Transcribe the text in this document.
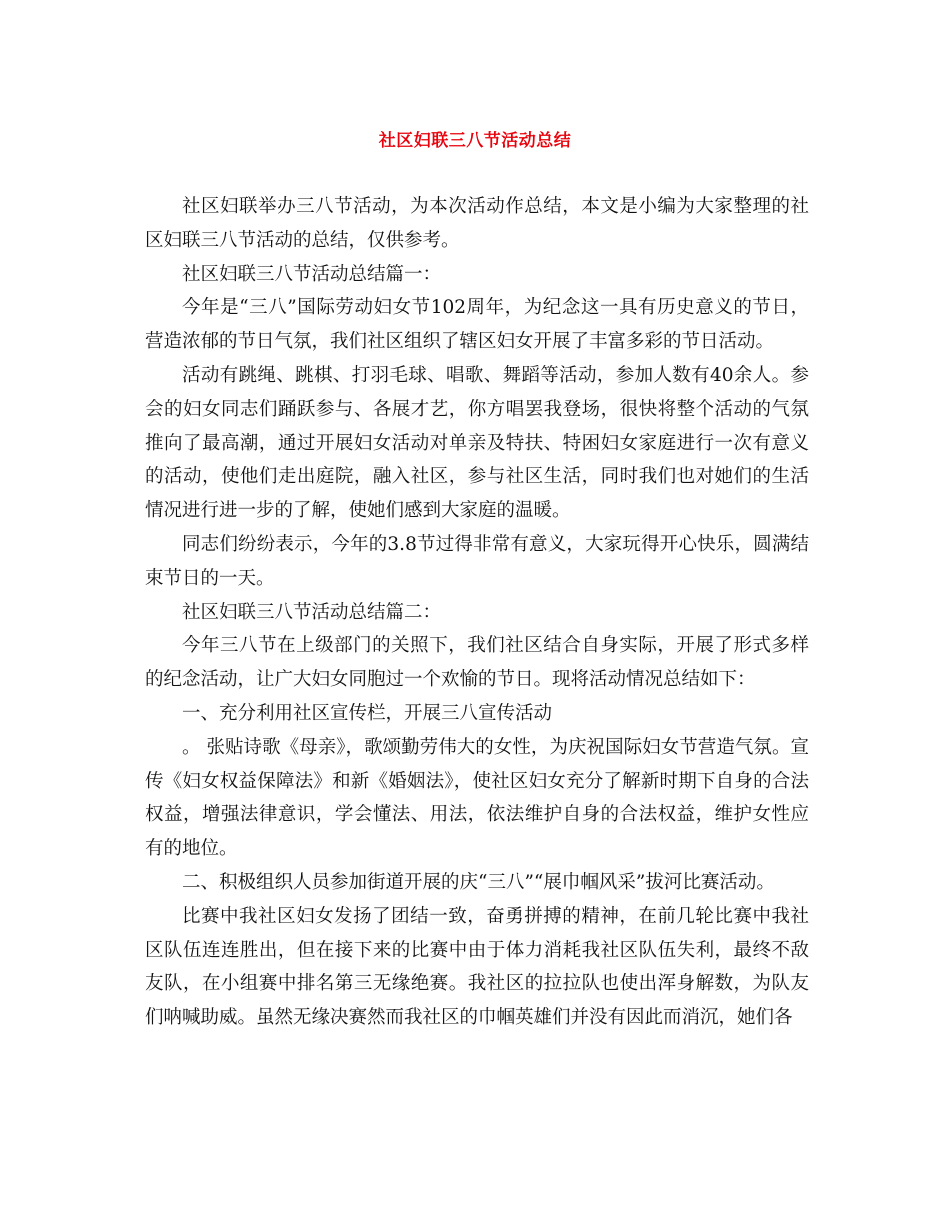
社区妇联三八节活动总结

社区妇联举办三八节活动，为本次活动作总结，本文是小编为大家整理的社区妇联三八节活动的总结，仅供参考。

社区妇联三八节活动总结篇一：

今年是“三八”国际劳动妇女节102周年，为纪念这一具有历史意义的节日，营造浓郁的节日气氛，我们社区组织了辖区妇女开展了丰富多彩的节日活动。

活动有跳绳、跳棋、打羽毛球、唱歌、舞蹈等活动，参加人数有40余人。参会的妇女同志们踊跃参与、各展才艺，你方唱罢我登场，很快将整个活动的气氛推向了最高潮，通过开展妇女活动对单亲及特扶、特困妇女家庭进行一次有意义的活动，使他们走出庭院，融入社区，参与社区生活，同时我们也对她们的生活情况进行进一步的了解，使她们感到大家庭的温暖。

同志们纷纷表示，今年的3.8节过得非常有意义，大家玩得开心快乐，圆满结束节日的一天。

社区妇联三八节活动总结篇二：

今年三八节在上级部门的关照下，我们社区结合自身实际，开展了形式多样的纪念活动，让广大妇女同胞过一个欢愉的节日。现将活动情况总结如下：

一、充分利用社区宣传栏，开展三八宣传活动

。 张贴诗歌《母亲》，歌颂勤劳伟大的女性，为庆祝国际妇女节营造气氛。宣传《妇女权益保障法》和新《婚姻法》，使社区妇女充分了解新时期下自身的合法权益，增强法律意识，学会懂法、用法，依法维护自身的合法权益，维护女性应有的地位。

二、积极组织人员参加街道开展的庆“三八”“展巾帼风采”拔河比赛活动。

比赛中我社区妇女发扬了团结一致，奋勇拼搏的精神，在前几轮比赛中我社区队伍连连胜出，但在接下来的比赛中由于体力消耗我社区队伍失利，最终不敌友队，在小组赛中排名第三无缘绝赛。我社区的拉拉队也使出浑身解数，为队友们呐喊助威。虽然无缘决赛然而我社区的巾帼英雄们并没有因此而消沉，她们各
